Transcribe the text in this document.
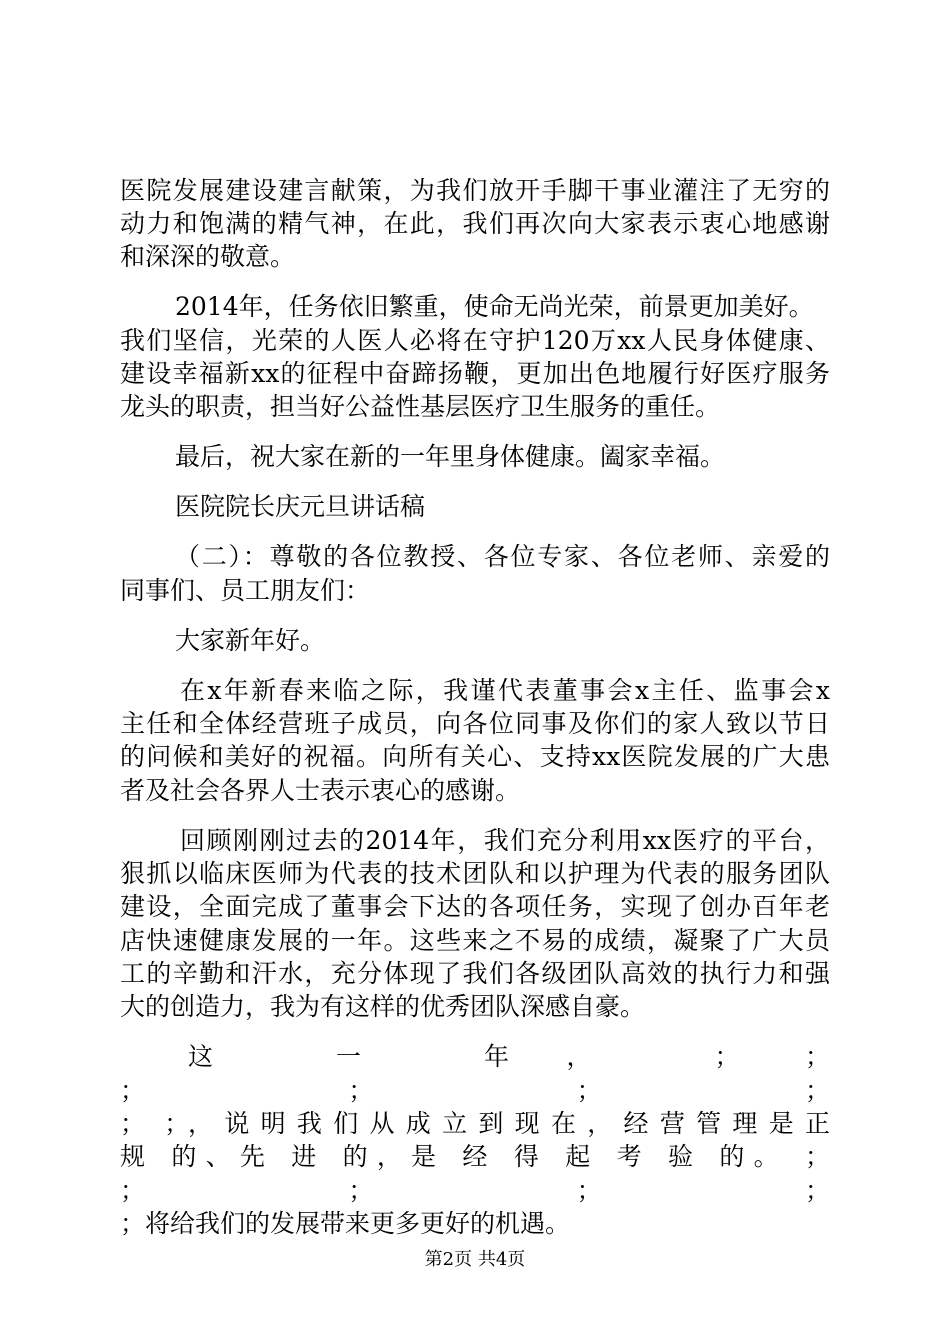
医院发展建设建言献策，为我们放开手脚干事业灌注了无穷的
动力和饱满的精气神，在此，我们再次向大家表示衷心地感谢
和深深的敬意。
2014年，任务依旧繁重，使命无尚光荣，前景更加美好。
我们坚信，光荣的人医人必将在守护120万xx人民身体健康、
建设幸福新xx的征程中奋蹄扬鞭，更加出色地履行好医疗服务
龙头的职责，担当好公益性基层医疗卫生服务的重任。
最后，祝大家在新的一年里身体健康。阖家幸福。
医院院长庆元旦讲话稿
（二）：尊敬的各位教授、各位专家、各位老师、亲爱的
同事们、员工朋友们：
大家新年好。
在x年新春来临之际，我谨代表董事会x主任、监事会x
主任和全体经营班子成员，向各位同事及你们的家人致以节日
的问候和美好的祝福。向所有关心、支持xx医院发展的广大患
者及社会各界人士表示衷心的感谢。
回顾刚刚过去的2014年，我们充分利用xx医疗的平台，
狠抓以临床医师为代表的技术团队和以护理为代表的服务团队
建设，全面完成了董事会下达的各项任务，实现了创办百年老
店快速健康发展的一年。这些来之不易的成绩，凝聚了广大员
工的辛勤和汗水，充分体现了我们各级团队高效的执行力和强
大的创造力，我为有这样的优秀团队深感自豪。
这 一 年， ； ；
； ； ； ；
； ；，说明我们从成立到现在，经营管理是正
规 的、先 进 的，是 经 得 起 考 验 的。 ；
； ； ； ；
；将给我们的发展带来更多更好的机遇。
第2页 共4页
